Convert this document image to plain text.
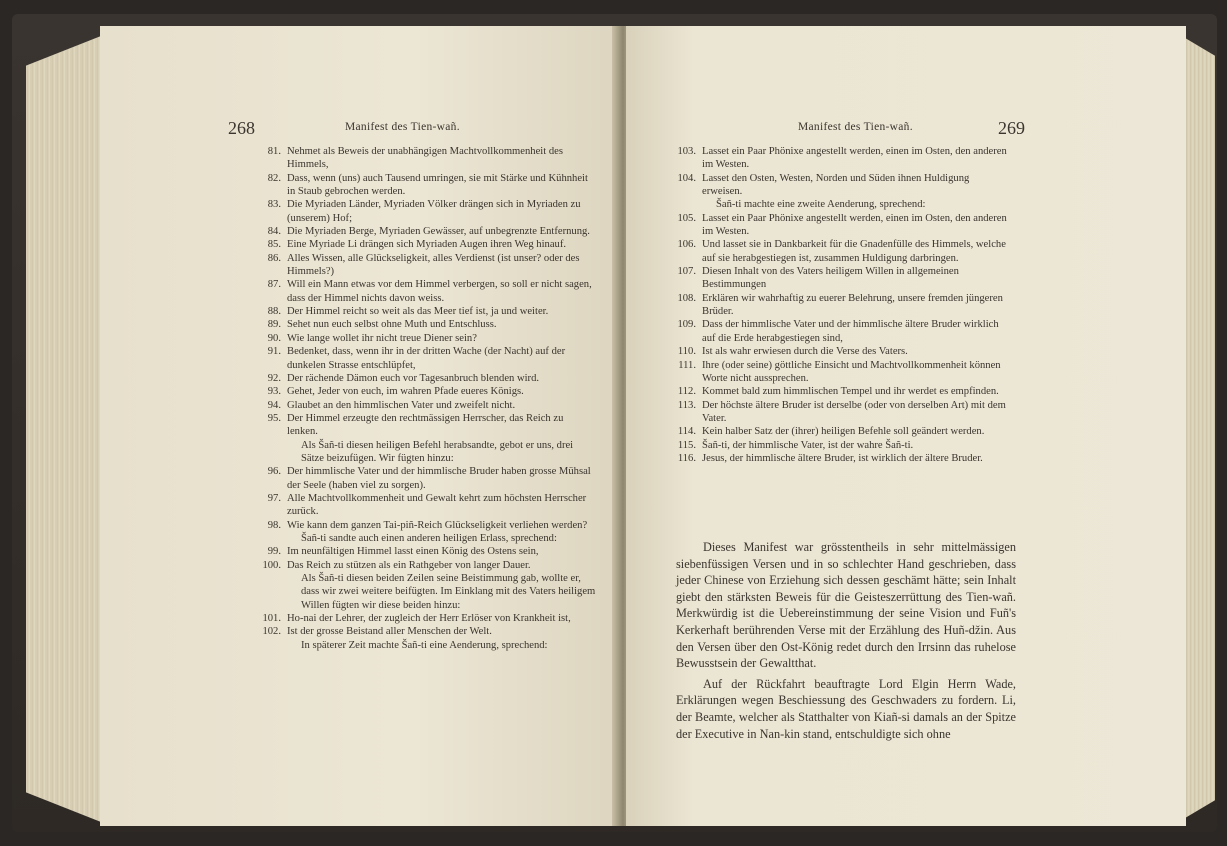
268	Manifest des Tien-wañ.
81. Nehmet als Beweis der unabhängigen Machtvollkommenheit des Himmels,
82. Dass, wenn (uns) auch Tausend umringen, sie mit Stärke und Kühnheit in Staub gebrochen werden.
83. Die Myriaden Länder, Myriaden Völker drängen sich in Myriaden zu (unserem) Hof;
84. Die Myriaden Berge, Myriaden Gewässer, auf unbegrenzte Entfernung.
85. Eine Myriade Li drängen sich Myriaden Augen ihren Weg hinauf.
86. Alles Wissen, alle Glückseligkeit, alles Verdienst (ist unser? oder des Himmels?)
87. Will ein Mann etwas vor dem Himmel verbergen, so soll er nicht sagen, dass der Himmel nichts davon weiss.
88. Der Himmel reicht so weit als das Meer tief ist, ja und weiter.
89. Sehet nun euch selbst ohne Muth und Entschluss.
90. Wie lange wollet ihr nicht treue Diener sein?
91. Bedenket, dass, wenn ihr in der dritten Wache (der Nacht) auf der dunkelen Strasse entschlüpfet,
92. Der rächende Dämon euch vor Tagesanbruch blenden wird.
93. Gehet, Jeder von euch, im wahren Pfade eueres Königs.
94. Glaubet an den himmlischen Vater und zweifelt nicht.
95. Der Himmel erzeugte den rechtmässigen Herrscher, das Reich zu lenken.
Als Šañ-ti diesen heiligen Befehl herabsandte, gebot er uns, drei Sätze beizufügen. Wir fügten hinzu:
96. Der himmlische Vater und der himmlische Bruder haben grosse Mühsal der Seele (haben viel zu sorgen).
97. Alle Machtvollkommenheit und Gewalt kehrt zum höchsten Herrscher zurück.
98. Wie kann dem ganzen Tai-piñ-Reich Glückseligkeit verliehen werden?
Šañ-ti sandte auch einen anderen heiligen Erlass, sprechend:
99. Im neunfältigen Himmel lasst einen König des Ostens sein,
100. Das Reich zu stützen als ein Rathgeber von langer Dauer.
Als Šañ-ti diesen beiden Zeilen seine Beistimmung gab, wollte er, dass wir zwei weitere beifügten. Im Einklang mit des Vaters heiligem Willen fügten wir diese beiden hinzu:
101. Ho-nai der Lehrer, der zugleich der Herr Erlöser von Krankheit ist,
102. Ist der grosse Beistand aller Menschen der Welt.
In späterer Zeit machte Šañ-ti eine Aenderung, sprechend:
Manifest des Tien-wañ.	269
103. Lasset ein Paar Phönixe angestellt werden, einen im Osten, den anderen im Westen.
104. Lasset den Osten, Westen, Norden und Süden ihnen Huldigung erweisen.
Šañ-ti machte eine zweite Aenderung, sprechend:
105. Lasset ein Paar Phönixe angestellt werden, einen im Osten, den anderen im Westen.
106. Und lasset sie in Dankbarkeit für die Gnadenfülle des Himmels, welche auf sie herabgestiegen ist, zusammen Huldigung darbringen.
107. Diesen Inhalt von des Vaters heiligem Willen in allgemeinen Bestimmungen
108. Erklären wir wahrhaftig zu euerer Belehrung, unsere fremden jüngeren Brüder.
109. Dass der himmlische Vater und der himmlische ältere Bruder wirklich auf die Erde herabgestiegen sind,
110. Ist als wahr erwiesen durch die Verse des Vaters.
111. Ihre (oder seine) göttliche Einsicht und Machtvollkommenheit können Worte nicht aussprechen.
112. Kommet bald zum himmlischen Tempel und ihr werdet es empfinden.
113. Der höchste ältere Bruder ist derselbe (oder von derselben Art) mit dem Vater.
114. Kein halber Satz der (ihrer) heiligen Befehle soll geändert werden.
115. Šañ-ti, der himmlische Vater, ist der wahre Šañ-ti.
116. Jesus, der himmlische ältere Bruder, ist wirklich der ältere Bruder.

Dieses Manifest war grösstentheils in sehr mittelmässigen siebenfüssigen Versen und in so schlechter Hand geschrieben, dass jeder Chinese von Erziehung sich dessen geschämt hätte; sein Inhalt giebt den stärksten Beweis für die Geisteszerrüttung des Tien-wañ. Merkwürdig ist die Uebereinstimmung der seine Vision und Fuñ's Kerkerhaft berührenden Verse mit der Erzählung des Huñ-džin. Aus den Versen über den Ost-König redet durch den Irrsinn das ruhelose Bewusstsein der Gewaltthat.

Auf der Rückfahrt beauftragte Lord Elgin Herrn Wade, Erklärungen wegen Beschiessung des Geschwaders zu fordern. Li, der Beamte, welcher als Statthalter von Kiañ-si damals an der Spitze der Executive in Nan-kin stand, entschuldigte sich ohne
